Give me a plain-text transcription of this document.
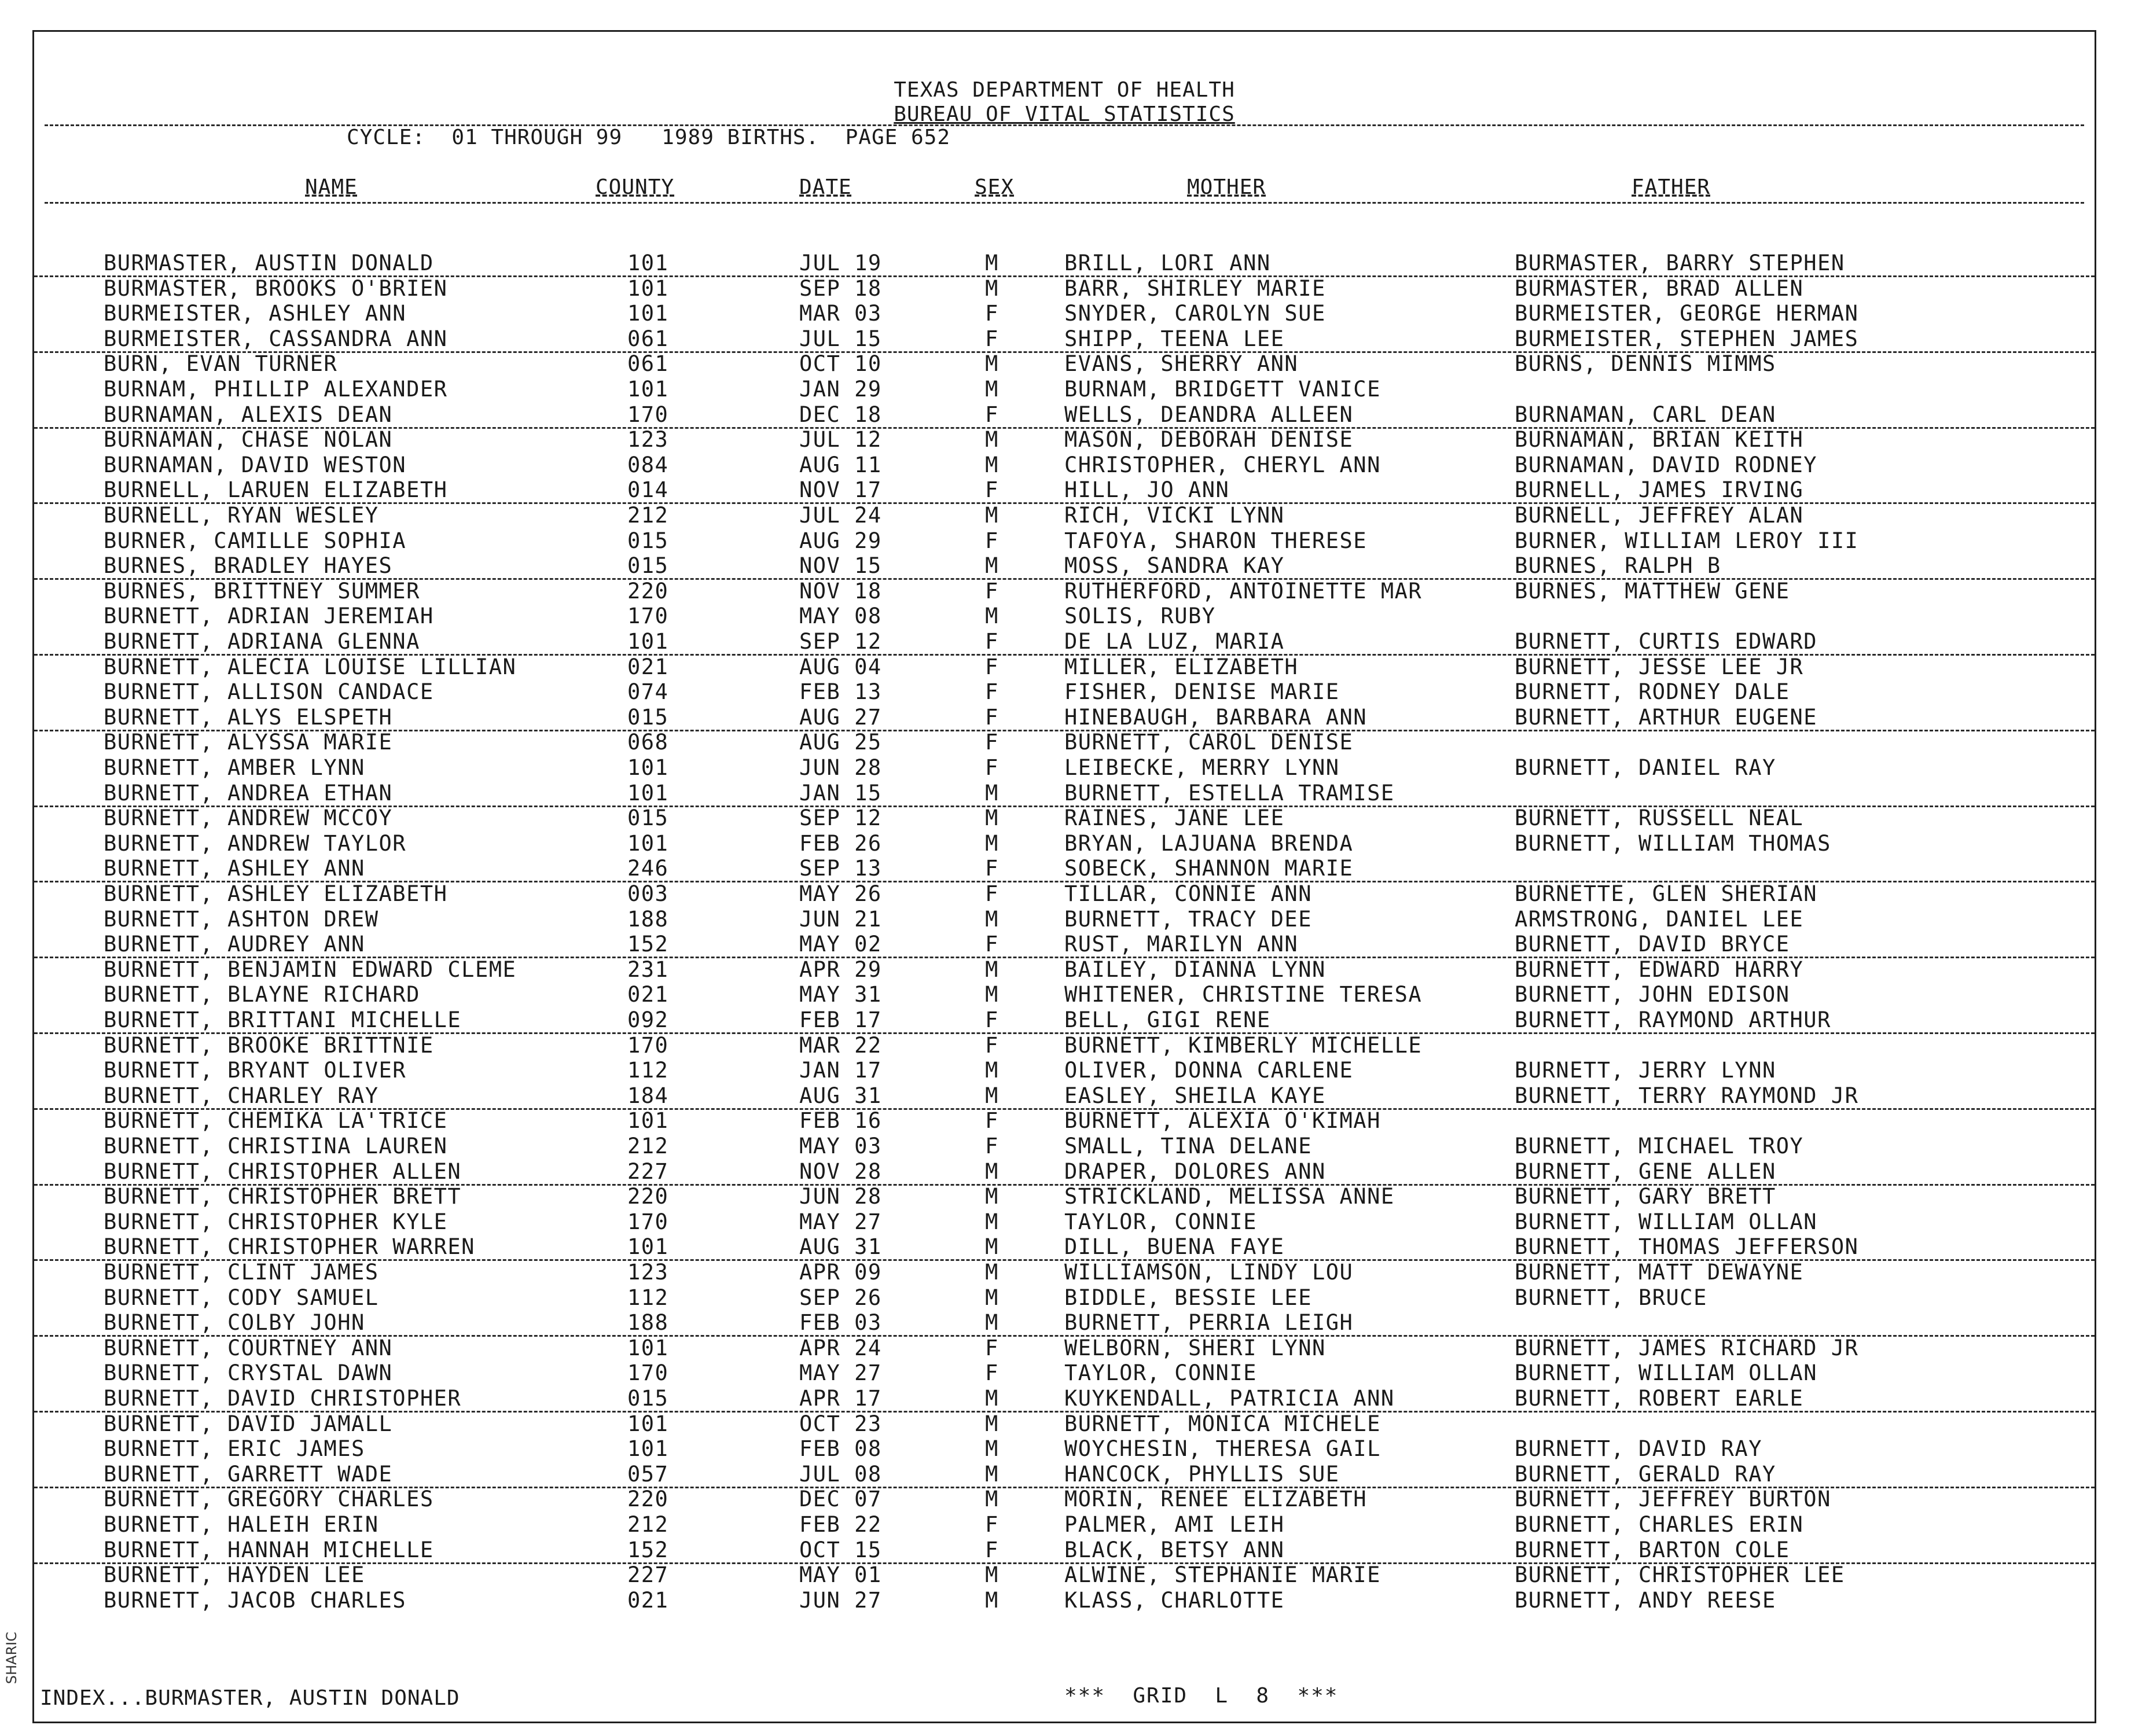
TEXAS DEPARTMENT OF HEALTH
BUREAU OF VITAL STATISTICS
CYCLE:  01 THROUGH 99   1989 BIRTHS.  PAGE 652
NAME	COUNTY	DATE	SEX	MOTHER	FATHER
BURMASTER, AUSTIN DONALD	101	JUL 19	M	BRILL, LORI ANN	BURMASTER, BARRY STEPHEN
BURMASTER, BROOKS O'BRIEN	101	SEP 18	M	BARR, SHIRLEY MARIE	BURMASTER, BRAD ALLEN
BURMEISTER, ASHLEY ANN	101	MAR 03	F	SNYDER, CAROLYN SUE	BURMEISTER, GEORGE HERMAN
BURMEISTER, CASSANDRA ANN	061	JUL 15	F	SHIPP, TEENA LEE	BURMEISTER, STEPHEN JAMES
BURN, EVAN TURNER	061	OCT 10	M	EVANS, SHERRY ANN	BURNS, DENNIS MIMMS
BURNAM, PHILLIP ALEXANDER	101	JAN 29	M	BURNAM, BRIDGETT VANICE
BURNAMAN, ALEXIS DEAN	170	DEC 18	F	WELLS, DEANDRA ALLEEN	BURNAMAN, CARL DEAN
BURNAMAN, CHASE NOLAN	123	JUL 12	M	MASON, DEBORAH DENISE	BURNAMAN, BRIAN KEITH
BURNAMAN, DAVID WESTON	084	AUG 11	M	CHRISTOPHER, CHERYL ANN	BURNAMAN, DAVID RODNEY
BURNELL, LARUEN ELIZABETH	014	NOV 17	F	HILL, JO ANN	BURNELL, JAMES IRVING
BURNELL, RYAN WESLEY	212	JUL 24	M	RICH, VICKI LYNN	BURNELL, JEFFREY ALAN
BURNER, CAMILLE SOPHIA	015	AUG 29	F	TAFOYA, SHARON THERESE	BURNER, WILLIAM LEROY III
BURNES, BRADLEY HAYES	015	NOV 15	M	MOSS, SANDRA KAY	BURNES, RALPH B
BURNES, BRITTNEY SUMMER	220	NOV 18	F	RUTHERFORD, ANTOINETTE MAR	BURNES, MATTHEW GENE
BURNETT, ADRIAN JEREMIAH	170	MAY 08	M	SOLIS, RUBY
BURNETT, ADRIANA GLENNA	101	SEP 12	F	DE LA LUZ, MARIA	BURNETT, CURTIS EDWARD
BURNETT, ALECIA LOUISE LILLIAN	021	AUG 04	F	MILLER, ELIZABETH	BURNETT, JESSE LEE JR
BURNETT, ALLISON CANDACE	074	FEB 13	F	FISHER, DENISE MARIE	BURNETT, RODNEY DALE
BURNETT, ALYS ELSPETH	015	AUG 27	F	HINEBAUGH, BARBARA ANN	BURNETT, ARTHUR EUGENE
BURNETT, ALYSSA MARIE	068	AUG 25	F	BURNETT, CAROL DENISE
BURNETT, AMBER LYNN	101	JUN 28	F	LEIBECKE, MERRY LYNN	BURNETT, DANIEL RAY
BURNETT, ANDREA ETHAN	101	JAN 15	M	BURNETT, ESTELLA TRAMISE
BURNETT, ANDREW MCCOY	015	SEP 12	M	RAINES, JANE LEE	BURNETT, RUSSELL NEAL
BURNETT, ANDREW TAYLOR	101	FEB 26	M	BRYAN, LAJUANA BRENDA	BURNETT, WILLIAM THOMAS
BURNETT, ASHLEY ANN	246	SEP 13	F	SOBECK, SHANNON MARIE
BURNETT, ASHLEY ELIZABETH	003	MAY 26	F	TILLAR, CONNIE ANN	BURNETTE, GLEN SHERIAN
BURNETT, ASHTON DREW	188	JUN 21	M	BURNETT, TRACY DEE	ARMSTRONG, DANIEL LEE
BURNETT, AUDREY ANN	152	MAY 02	F	RUST, MARILYN ANN	BURNETT, DAVID BRYCE
BURNETT, BENJAMIN EDWARD CLEME	231	APR 29	M	BAILEY, DIANNA LYNN	BURNETT, EDWARD HARRY
BURNETT, BLAYNE RICHARD	021	MAY 31	M	WHITENER, CHRISTINE TERESA	BURNETT, JOHN EDISON
BURNETT, BRITTANI MICHELLE	092	FEB 17	F	BELL, GIGI RENE	BURNETT, RAYMOND ARTHUR
BURNETT, BROOKE BRITTNIE	170	MAR 22	F	BURNETT, KIMBERLY MICHELLE
BURNETT, BRYANT OLIVER	112	JAN 17	M	OLIVER, DONNA CARLENE	BURNETT, JERRY LYNN
BURNETT, CHARLEY RAY	184	AUG 31	M	EASLEY, SHEILA KAYE	BURNETT, TERRY RAYMOND JR
BURNETT, CHEMIKA LA'TRICE	101	FEB 16	F	BURNETT, ALEXIA O'KIMAH
BURNETT, CHRISTINA LAUREN	212	MAY 03	F	SMALL, TINA DELANE	BURNETT, MICHAEL TROY
BURNETT, CHRISTOPHER ALLEN	227	NOV 28	M	DRAPER, DOLORES ANN	BURNETT, GENE ALLEN
BURNETT, CHRISTOPHER BRETT	220	JUN 28	M	STRICKLAND, MELISSA ANNE	BURNETT, GARY BRETT
BURNETT, CHRISTOPHER KYLE	170	MAY 27	M	TAYLOR, CONNIE	BURNETT, WILLIAM OLLAN
BURNETT, CHRISTOPHER WARREN	101	AUG 31	M	DILL, BUENA FAYE	BURNETT, THOMAS JEFFERSON
BURNETT, CLINT JAMES	123	APR 09	M	WILLIAMSON, LINDY LOU	BURNETT, MATT DEWAYNE
BURNETT, CODY SAMUEL	112	SEP 26	M	BIDDLE, BESSIE LEE	BURNETT, BRUCE
BURNETT, COLBY JOHN	188	FEB 03	M	BURNETT, PERRIA LEIGH
BURNETT, COURTNEY ANN	101	APR 24	F	WELBORN, SHERI LYNN	BURNETT, JAMES RICHARD JR
BURNETT, CRYSTAL DAWN	170	MAY 27	F	TAYLOR, CONNIE	BURNETT, WILLIAM OLLAN
BURNETT, DAVID CHRISTOPHER	015	APR 17	M	KUYKENDALL, PATRICIA ANN	BURNETT, ROBERT EARLE
BURNETT, DAVID JAMALL	101	OCT 23	M	BURNETT, MONICA MICHELE
BURNETT, ERIC JAMES	101	FEB 08	M	WOYCHESIN, THERESA GAIL	BURNETT, DAVID RAY
BURNETT, GARRETT WADE	057	JUL 08	M	HANCOCK, PHYLLIS SUE	BURNETT, GERALD RAY
BURNETT, GREGORY CHARLES	220	DEC 07	M	MORIN, RENEE ELIZABETH	BURNETT, JEFFREY BURTON
BURNETT, HALEIH ERIN	212	FEB 22	F	PALMER, AMI LEIH	BURNETT, CHARLES ERIN
BURNETT, HANNAH MICHELLE	152	OCT 15	F	BLACK, BETSY ANN	BURNETT, BARTON COLE
BURNETT, HAYDEN LEE	227	MAY 01	M	ALWINE, STEPHANIE MARIE	BURNETT, CHRISTOPHER LEE
BURNETT, JACOB CHARLES	021	JUN 27	M	KLASS, CHARLOTTE	BURNETT, ANDY REESE
INDEX...BURMASTER, AUSTIN DONALD	***  GRID  L  8  ***
SHARIC
